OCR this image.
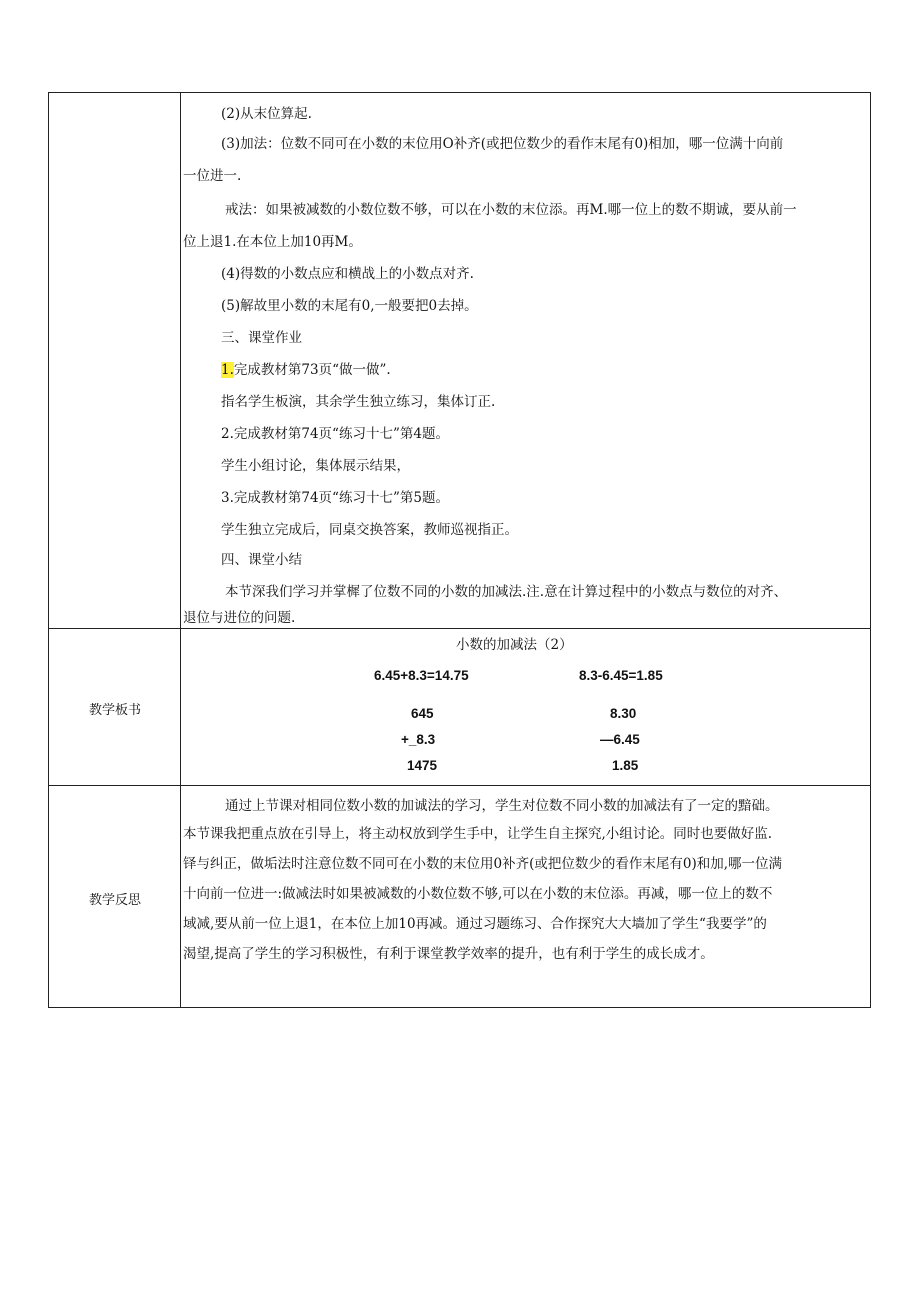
(2)从末位算起.
(3)加法：位数不同可在小数的末位用O补齐(或把位数少的看作末尾有0)相加，哪一位满十向前
一位进一.
戒法：如果被减数的小数位数不够，可以在小数的末位添。再M.哪一位上的数不期诚，要从前一
位上退1.在本位上加10再M。
(4)得数的小数点应和横战上的小数点对齐.
(5)解故里小数的末尾有0,一般要把0去掉。
三、课堂作业
1.完成教材第73页“做一做”.
指名学生板演，其余学生独立练习，集体订正.
2.完成教材第74页“练习十七”第4题。
学生小组讨论，集体展示结果，
3.完成教材第74页“练习十七”第5题。
学生独立完成后，同桌交换答案，教师巡视指正。
四、课堂小结
本节深我们学习并掌樨了位数不同的小数的加减法.注.意在计算过程中的小数点与数位的对齐、
退位与进位的问题.
教学板书
小数的加减法（2）
6.45+8.3=14.75	8.3-6.45=1.85
645
+_8.3
1475
8.30
—6.45
1.85
教学反思
通过上节课对相同位数小数的加诚法的学习，学生对位数不同小数的加减法有了一定的黯础。
本节课我把重点放在引导上，将主动权放到学生手中，让学生自主探究,小组讨论。同时也要做好监.
铎与纠正，做垢法时注意位数不同可在小数的末位用0补齐(或把位数少的看作末尾有0)和加,哪一位满
十向前一位进一:做减法时如果被减数的小数位数不够,可以在小数的末位添。再减，哪一位上的数不
域减,要从前一位上退1，在本位上加10再减。通过习题练习、合作探究大大墙加了学生“我要学”的
渴望,提高了学生的学习积极性，有利于课堂教学效率的提升，也有利于学生的成长成才。
